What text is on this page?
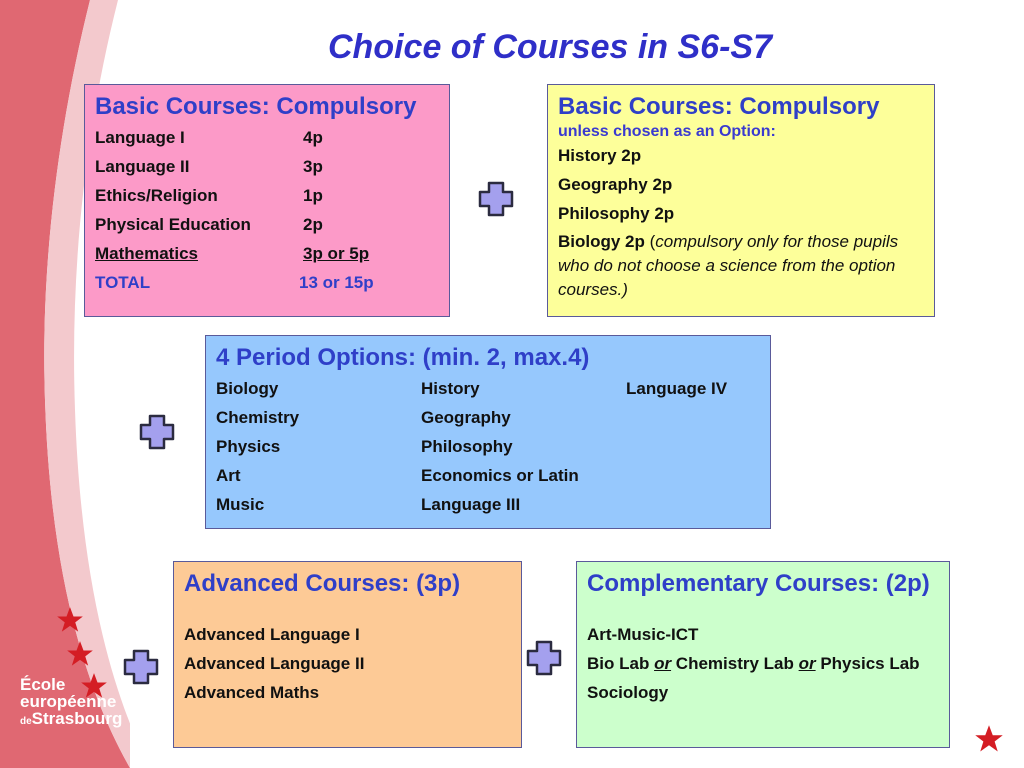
École
européenne
deStrasbourg
Choice of Courses in S6-S7
Basic Courses: Compulsory
Language I	4p
Language II	3p
Ethics/Religion	1p
Physical Education	2p
Mathematics	3p or 5p
TOTAL	13 or 15p
Basic Courses: Compulsory
unless chosen as an Option:
History 2p
Geography 2p
Philosophy 2p
Biology 2p (compulsory only for those pupils who do not choose a science from the option courses.)
4 Period Options: (min. 2, max.4)
Biology	History	Language IV
Chemistry	Geography
Physics	Philosophy
Art	Economics or Latin
Music	Language III
Advanced Courses: (3p)
Advanced Language I
Advanced Language II
Advanced Maths
Complementary Courses: (2p)
Art-Music-ICT
Bio Lab or Chemistry Lab or Physics Lab
Sociology
